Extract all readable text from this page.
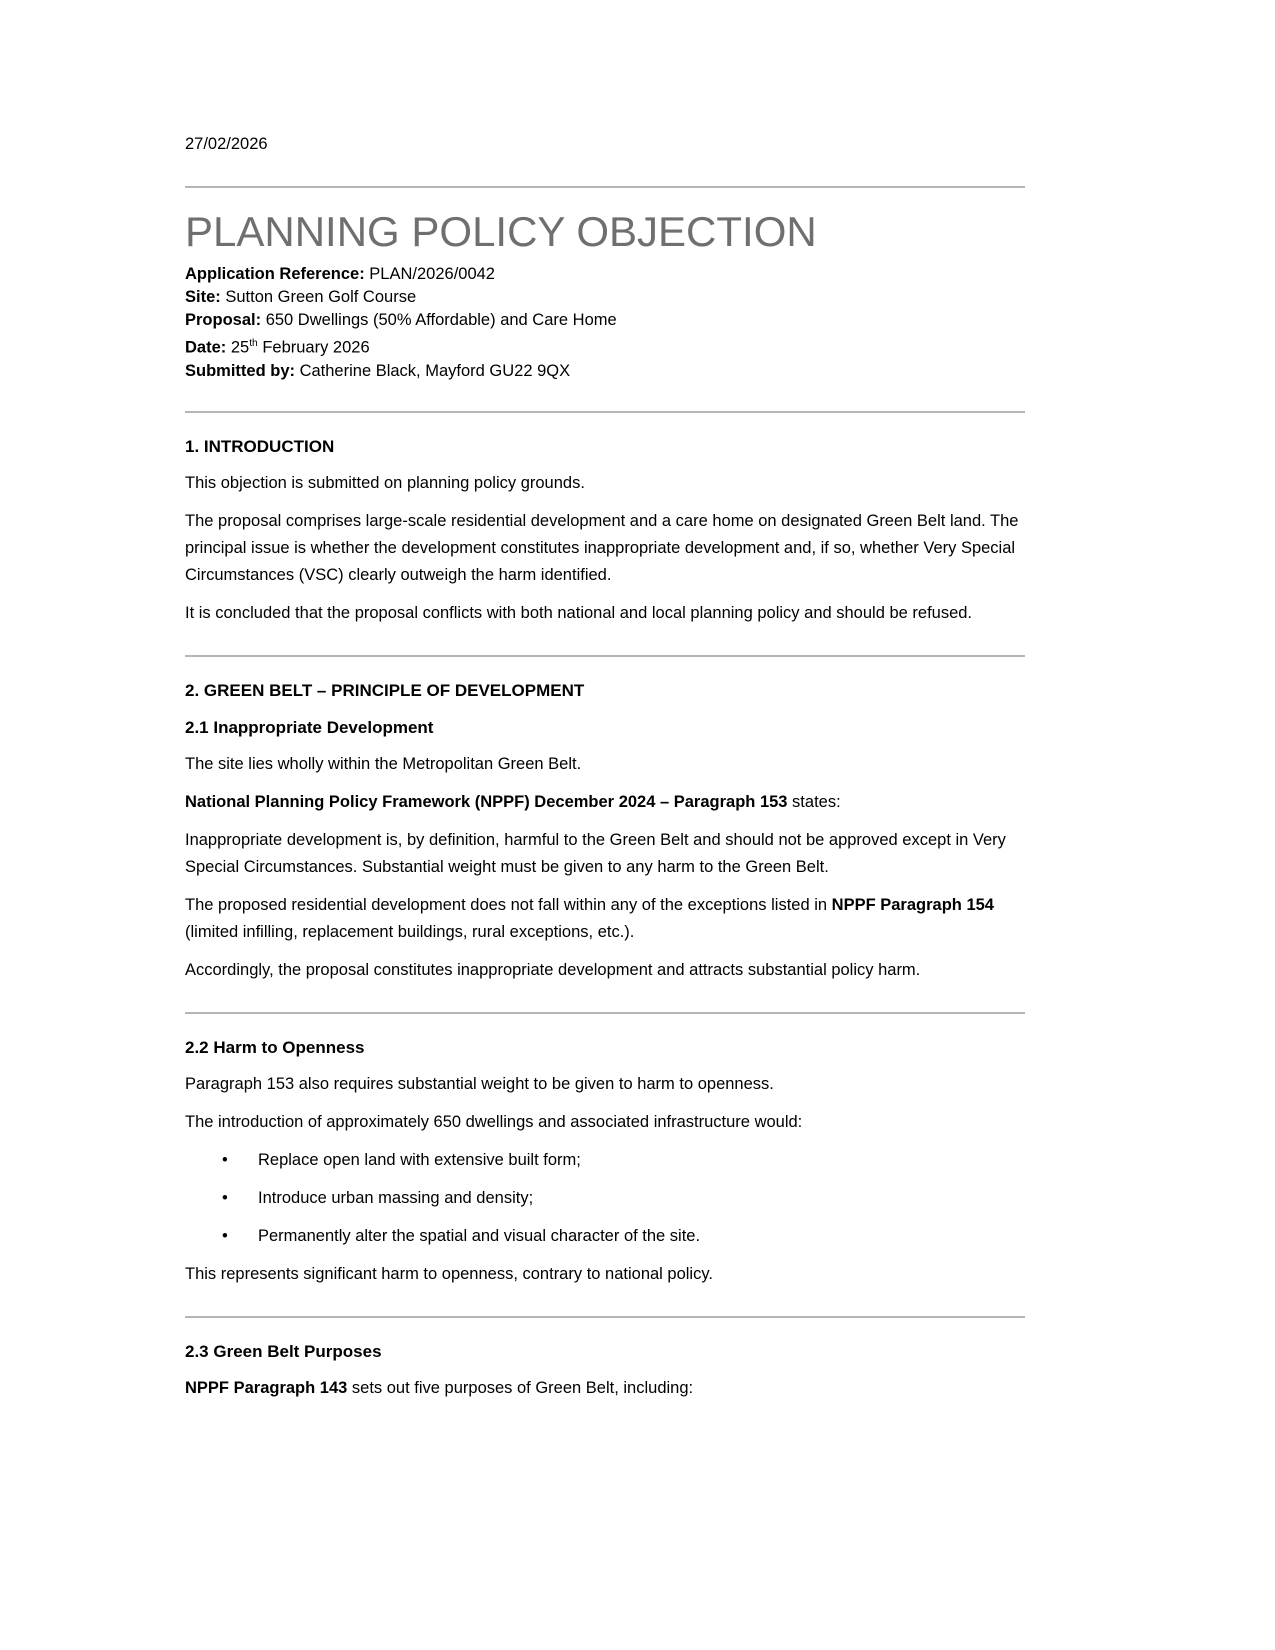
27/02/2026

PLANNING POLICY OBJECTION

Application Reference: PLAN/2026/0042

Site: Sutton Green Golf Course

Proposal: 650 Dwellings (50% Affordable) and Care Home

Date: 25th February 2026

Submitted by: Catherine Black, Mayford GU22 9QX

1. INTRODUCTION

This objection is submitted on planning policy grounds.

The proposal comprises large-scale residential development and a care home on designated Green Belt land. The principal issue is whether the development constitutes inappropriate development and, if so, whether Very Special Circumstances (VSC) clearly outweigh the harm identified.

It is concluded that the proposal conflicts with both national and local planning policy and should be refused.

2. GREEN BELT – PRINCIPLE OF DEVELOPMENT
2.1 Inappropriate Development

The site lies wholly within the Metropolitan Green Belt.

National Planning Policy Framework (NPPF) December 2024 – Paragraph 153 states:

Inappropriate development is, by definition, harmful to the Green Belt and should not be approved except in Very Special Circumstances. Substantial weight must be given to any harm to the Green Belt.

The proposed residential development does not fall within any of the exceptions listed in NPPF Paragraph 154 (limited infilling, replacement buildings, rural exceptions, etc.).

Accordingly, the proposal constitutes inappropriate development and attracts substantial policy harm.

2.2 Harm to Openness

Paragraph 153 also requires substantial weight to be given to harm to openness.

The introduction of approximately 650 dwellings and associated infrastructure would:

• Replace open land with extensive built form;
• Introduce urban massing and density;
• Permanently alter the spatial and visual character of the site.

This represents significant harm to openness, contrary to national policy.

2.3 Green Belt Purposes

NPPF Paragraph 143 sets out five purposes of Green Belt, including:
